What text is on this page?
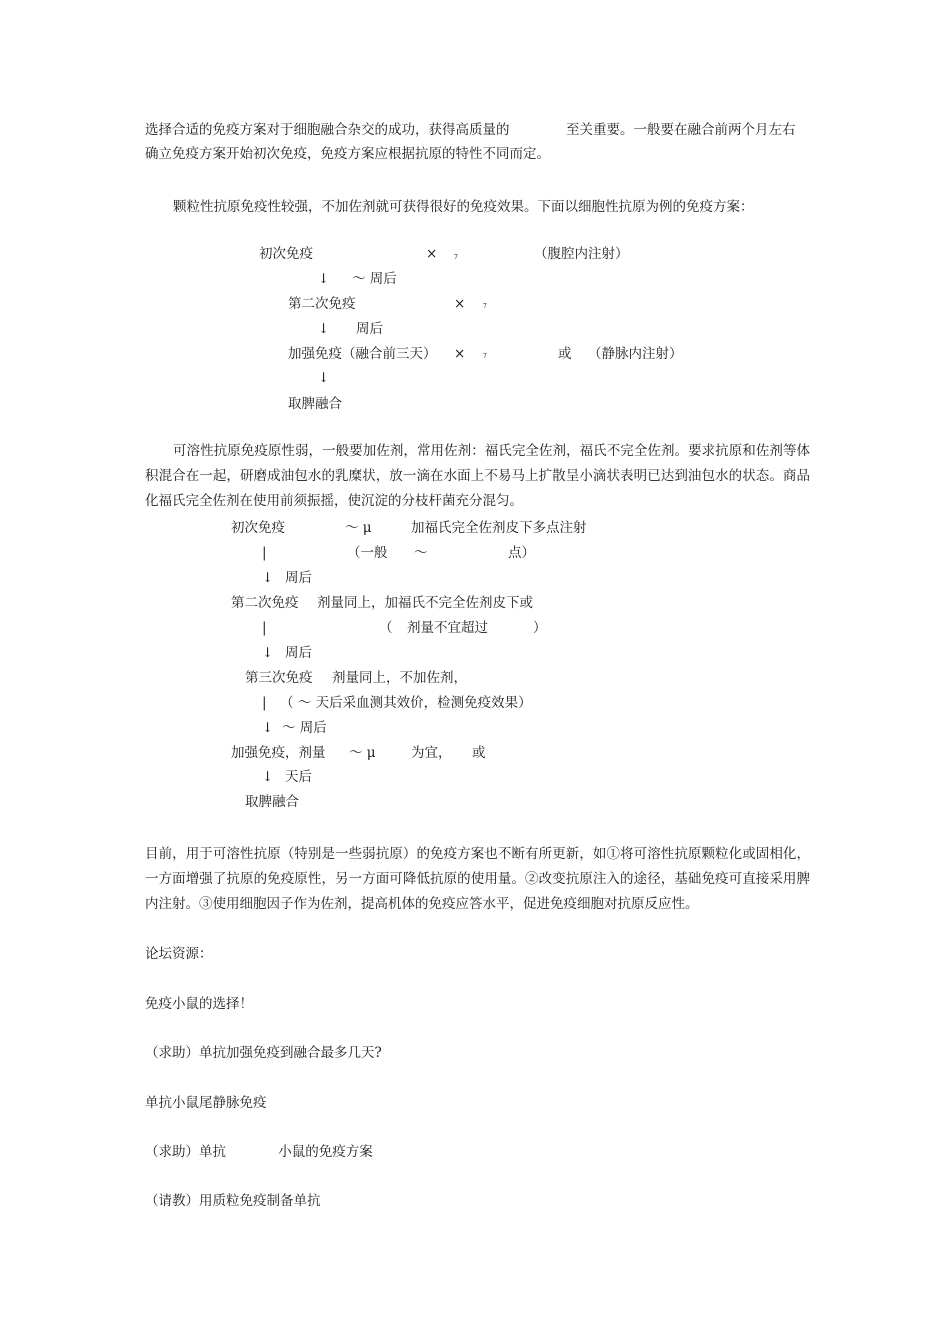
选择合适的免疫方案对于细胞融合杂交的成功，获得高质量的	至关重要。一般要在融合前两个月左右
确立免疫方案开始初次免疫，免疫方案应根据抗原的特性不同而定。
颗粒性抗原免疫性较强，不加佐剂就可获得很好的免疫效果。下面以细胞性抗原为例的免疫方案：
初次免疫	×	7	（腹腔内注射）
↓ ～ 周后
第二次免疫	×	7
↓ 周后
加强免疫（融合前三天） ×	7	或 （静脉内注射）
↓
取脾融合
可溶性抗原免疫原性弱，一般要加佐剂，常用佐剂：福氏完全佐剂，福氏不完全佐剂。要求抗原和佐剂等体积混合在一起，研磨成油包水的乳糜状，放一滴在水面上不易马上扩散呈小滴状表明已达到油包水的状态。商品化福氏完全佐剂在使用前须振摇，使沉淀的分枝杆菌充分混匀。
初次免疫	～ μ	加福氏完全佐剂皮下多点注射
|	（一般 ～	点）
↓ 周后
第二次免疫 剂量同上，加福氏不完全佐剂皮下或
|	（ 剂量不宜超过	）
↓ 周后
第三次免疫 剂量同上，不加佐剂，
| （ ～ 天后采血测其效价，检测免疫效果）
↓ ～ 周后
加强免疫，剂量 ～ μ	为宜， 或
↓ 天后
取脾融合
目前，用于可溶性抗原（特别是一些弱抗原）的免疫方案也不断有所更新，如①将可溶性抗原颗粒化或固相化，一方面增强了抗原的免疫原性，另一方面可降低抗原的使用量。②改变抗原注入的途径，基础免疫可直接采用脾内注射。③使用细胞因子作为佐剂，提高机体的免疫应答水平，促进免疫细胞对抗原反应性。
论坛资源：
免疫小鼠的选择！
（求助）单抗加强免疫到融合最多几天?
单抗小鼠尾静脉免疫
（求助）单抗	小鼠的免疫方案
（请教）用质粒免疫制备单抗
